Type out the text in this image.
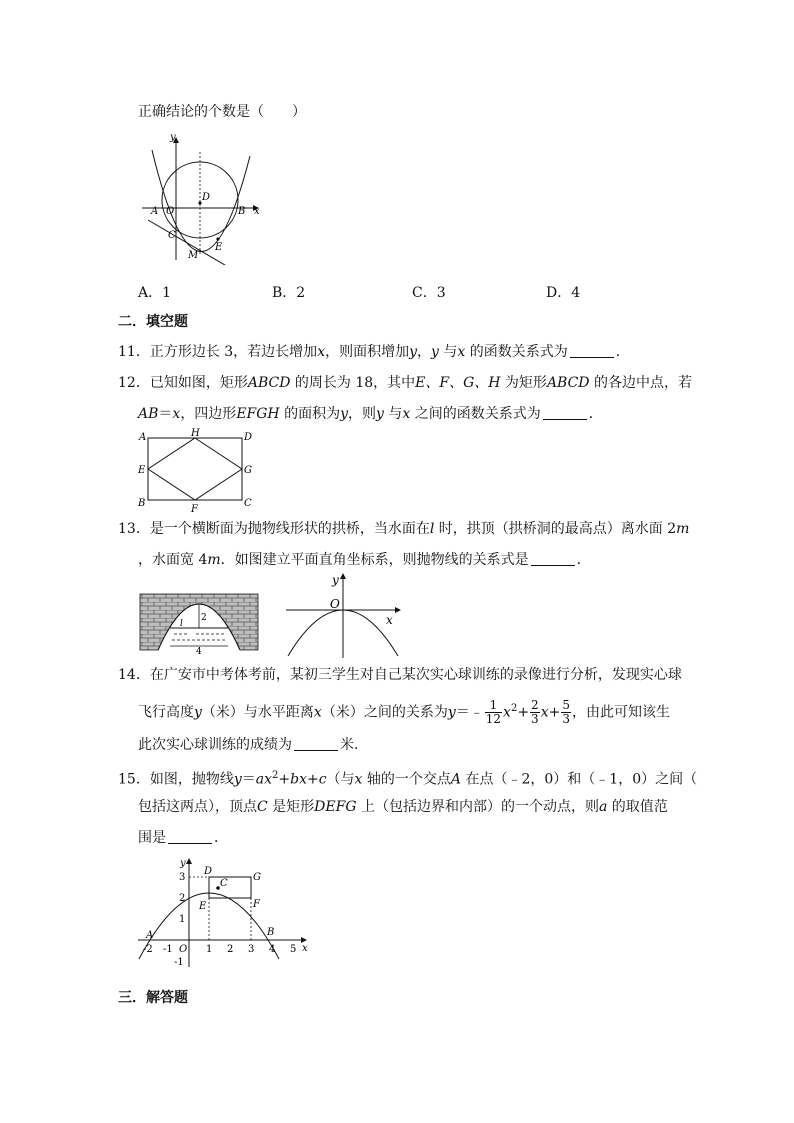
正确结论的个数是（　　）
y
x
A O
D
B
C
E
M
A．1	B．2	C．3	D．4
二．填空题
11．正方形边长 3，若边长增加x，则面积增加y，y 与x 的函数关系式为	．
12．已知如图，矩形ABCD 的周长为 18，其中E、F、G、H 为矩形ABCD 的各边中点，若
AB＝x，四边形EFGH 的面积为y，则y 与x 之间的函数关系式为	．
A	H	D
E	G
B
F
C
13．是一个横断面为抛物线形状的拱桥，当水面在l 时，拱顶（拱桥洞的最高点）离水面 2m
，水面宽 4m．如图建立平面直角坐标系，则抛物线的关系式是	．
2
l
4
y
O
x
14．在广安市中考体考前，某初三学生对自己某次实心球训练的录像进行分析，发现实心球
飞行高度y（米）与水平距离x（米）之间的关系为y＝﹣ $\frac{1}{12} x^2+ \frac{2}{3} x+ \frac{5}{3}$ ，由此可知该生
此次实心球训练的成绩为	米．
15．如图，抛物线$y=ax^2+bx+c$（与x 轴的一个交点A 在点（﹣2，0）和（﹣1，0）之间（
包括这两点），顶点C 是矩形DEFG 上（包括边界和内部）的一个动点，则a 的取值范
围是	．
y
x
D
G
C
E	F
A	B
O
-2 -1	1 2 3 4 5
3
2
1
-1
三．解答题
